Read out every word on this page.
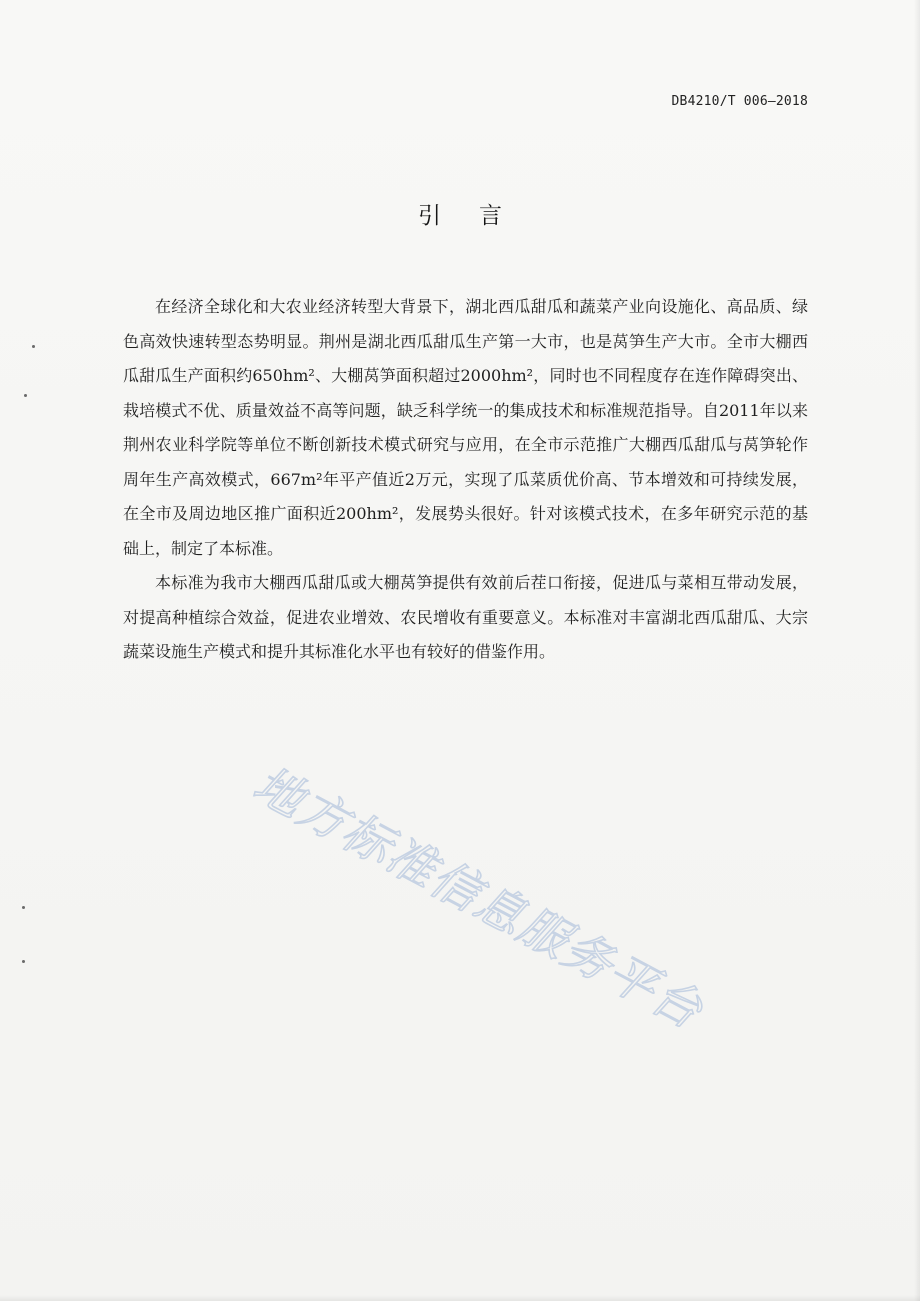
DB4210/T 006—2018
引言

在经济全球化和大农业经济转型大背景下，湖北西瓜甜瓜和蔬菜产业向设施化、高品质、绿色高效快速转型态势明显。荆州是湖北西瓜甜瓜生产第一大市，也是莴笋生产大市。全市大棚西瓜甜瓜生产面积约650hm²、大棚莴笋面积超过2000hm²，同时也不同程度存在连作障碍突出、栽培模式不优、质量效益不高等问题，缺乏科学统一的集成技术和标准规范指导。自2011年以来荆州农业科学院等单位不断创新技术模式研究与应用，在全市示范推广大棚西瓜甜瓜与莴笋轮作周年生产高效模式，667m²年平产值近2万元，实现了瓜菜质优价高、节本增效和可持续发展，在全市及周边地区推广面积近200hm²，发展势头很好。针对该模式技术，在多年研究示范的基础上，制定了本标准。

本标准为我市大棚西瓜甜瓜或大棚莴笋提供有效前后茬口衔接，促进瓜与菜相互带动发展，对提高种植综合效益，促进农业增效、农民增收有重要意义。本标准对丰富湖北西瓜甜瓜、大宗蔬菜设施生产模式和提升其标准化水平也有较好的借鉴作用。

地方标准信息服务平台
